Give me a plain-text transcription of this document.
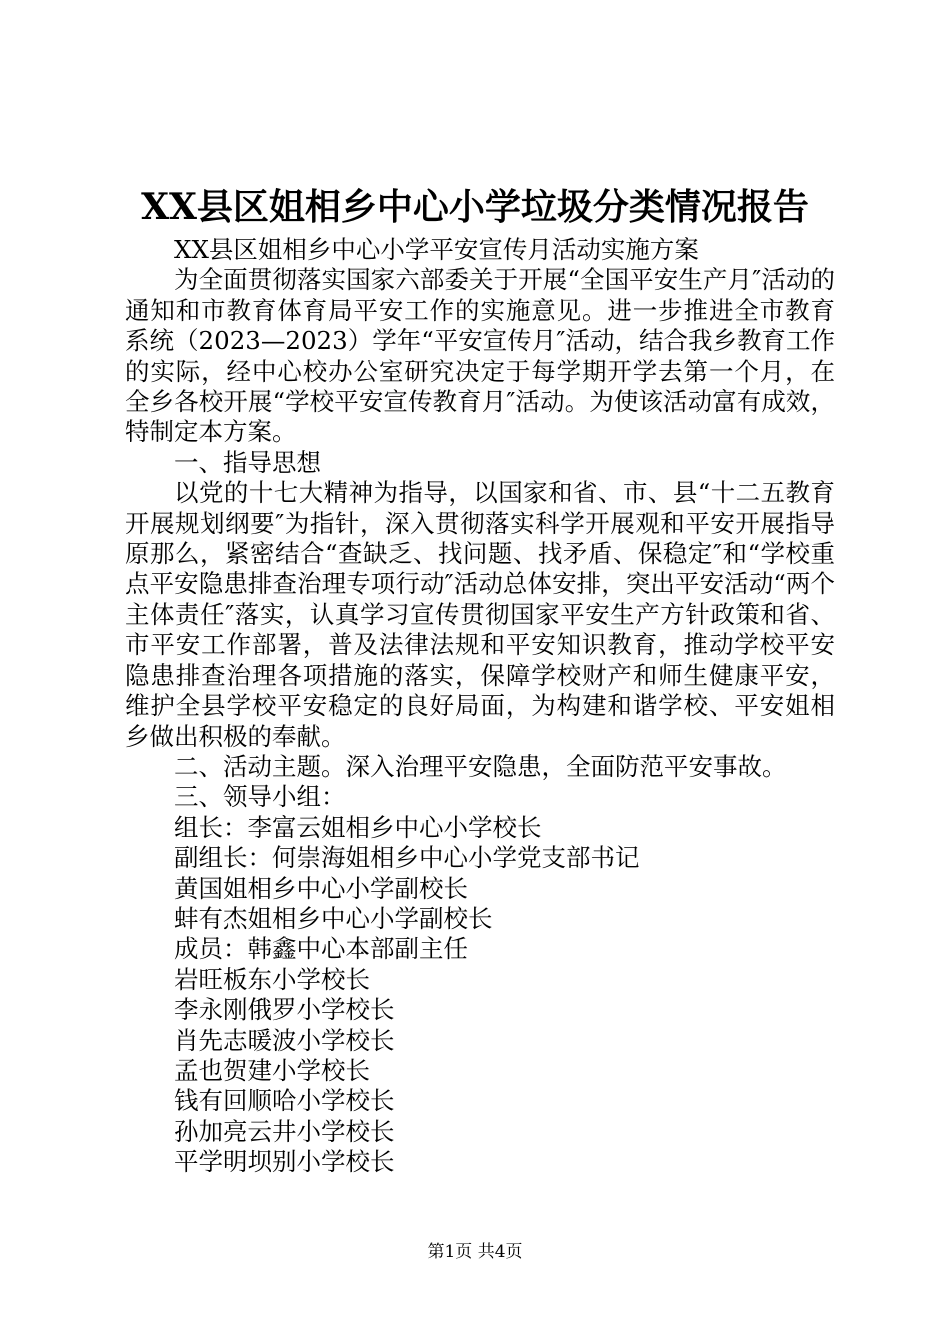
XX县区姐相乡中心小学垃圾分类情况报告

XX县区姐相乡中心小学平安宣传月活动实施方案

为全面贯彻落实国家六部委关于开展“全国平安生产月″活动的通知和市教育体育局平安工作的实施意见。进一步推进全市教育系统（2023—2023）学年“平安宣传月″活动，结合我乡教育工作的实际，经中心校办公室研究决定于每学期开学去第一个月，在全乡各校开展“学校平安宣传教育月″活动。为使该活动富有成效，特制定本方案。

一、指导思想

以党的十七大精神为指导，以国家和省、市、县“十二五教育开展规划纲要″为指针，深入贯彻落实科学开展观和平安开展指导原那么，紧密结合“查缺乏、找问题、找矛盾、保稳定″和“学校重点平安隐患排查治理专项行动″活动总体安排，突出平安活动“两个主体责任″落实，认真学习宣传贯彻国家平安生产方针政策和省、市平安工作部署，普及法律法规和平安知识教育，推动学校平安隐患排查治理各项措施的落实，保障学校财产和师生健康平安，维护全县学校平安稳定的良好局面，为构建和谐学校、平安姐相乡做出积极的奉献。

二、活动主题。深入治理平安隐患，全面防范平安事故。

三、领导小组：

组长：李富云姐相乡中心小学校长

副组长：何崇海姐相乡中心小学党支部书记

黄国姐相乡中心小学副校长

蚌有杰姐相乡中心小学副校长

成员：韩鑫中心本部副主任

岩旺板东小学校长

李永刚俄罗小学校长

肖先志暖波小学校长

孟也贺建小学校长

钱有回顺哈小学校长

孙加亮云井小学校长

平学明坝别小学校长

第1页 共4页
